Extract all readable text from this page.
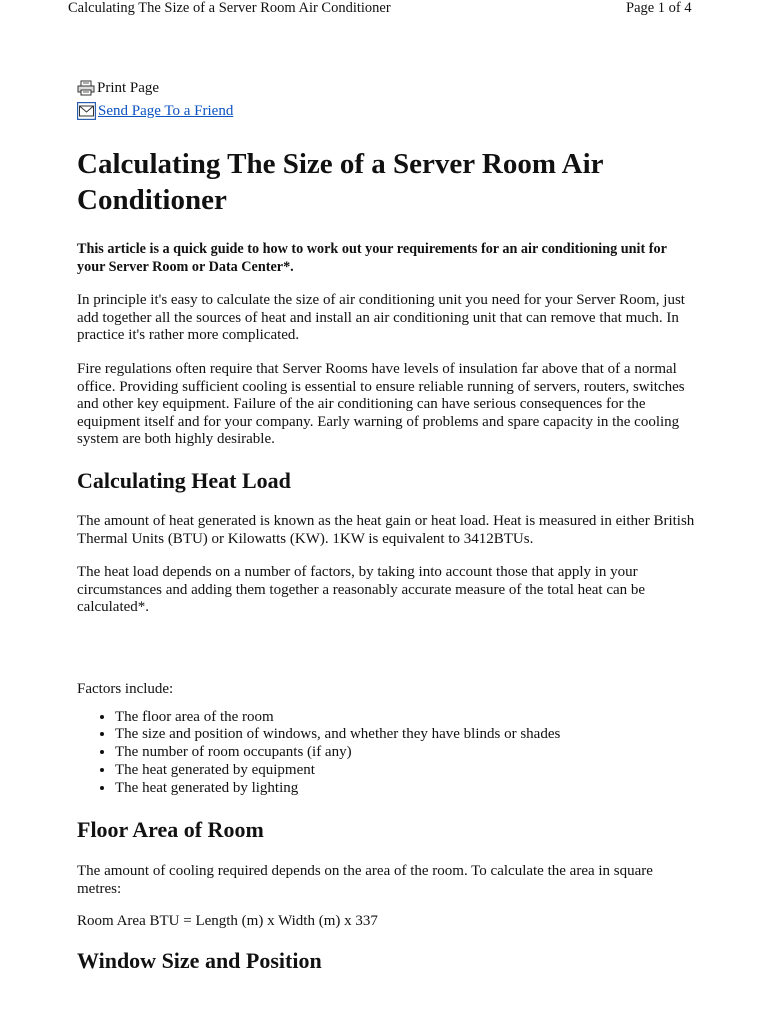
Calculating The Size of a Server Room Air Conditioner	Page 1 of 4
Print Page
Send Page To a Friend
Calculating The Size of a Server Room Air Conditioner

This article is a quick guide to how to work out your requirements for an air conditioning unit for your Server Room or Data Center*.

In principle it's easy to calculate the size of air conditioning unit you need for your Server Room, just add together all the sources of heat and install an air conditioning unit that can remove that much. In practice it's rather more complicated.

Fire regulations often require that Server Rooms have levels of insulation far above that of a normal office. Providing sufficient cooling is essential to ensure reliable running of servers, routers, switches and other key equipment. Failure of the air conditioning can have serious consequences for the equipment itself and for your company. Early warning of problems and spare capacity in the cooling system are both highly desirable.

Calculating Heat Load

The amount of heat generated is known as the heat gain or heat load. Heat is measured in either British Thermal Units (BTU) or Kilowatts (KW). 1KW is equivalent to 3412BTUs.

The heat load depends on a number of factors, by taking into account those that apply in your circumstances and adding them together a reasonably accurate measure of the total heat can be calculated*.

Factors include:

• The floor area of the room
• The size and position of windows, and whether they have blinds or shades
• The number of room occupants (if any)
• The heat generated by equipment
• The heat generated by lighting
Floor Area of Room

The amount of cooling required depends on the area of the room. To calculate the area in square metres:

Room Area BTU = Length (m) x Width (m) x 337

Window Size and Position
